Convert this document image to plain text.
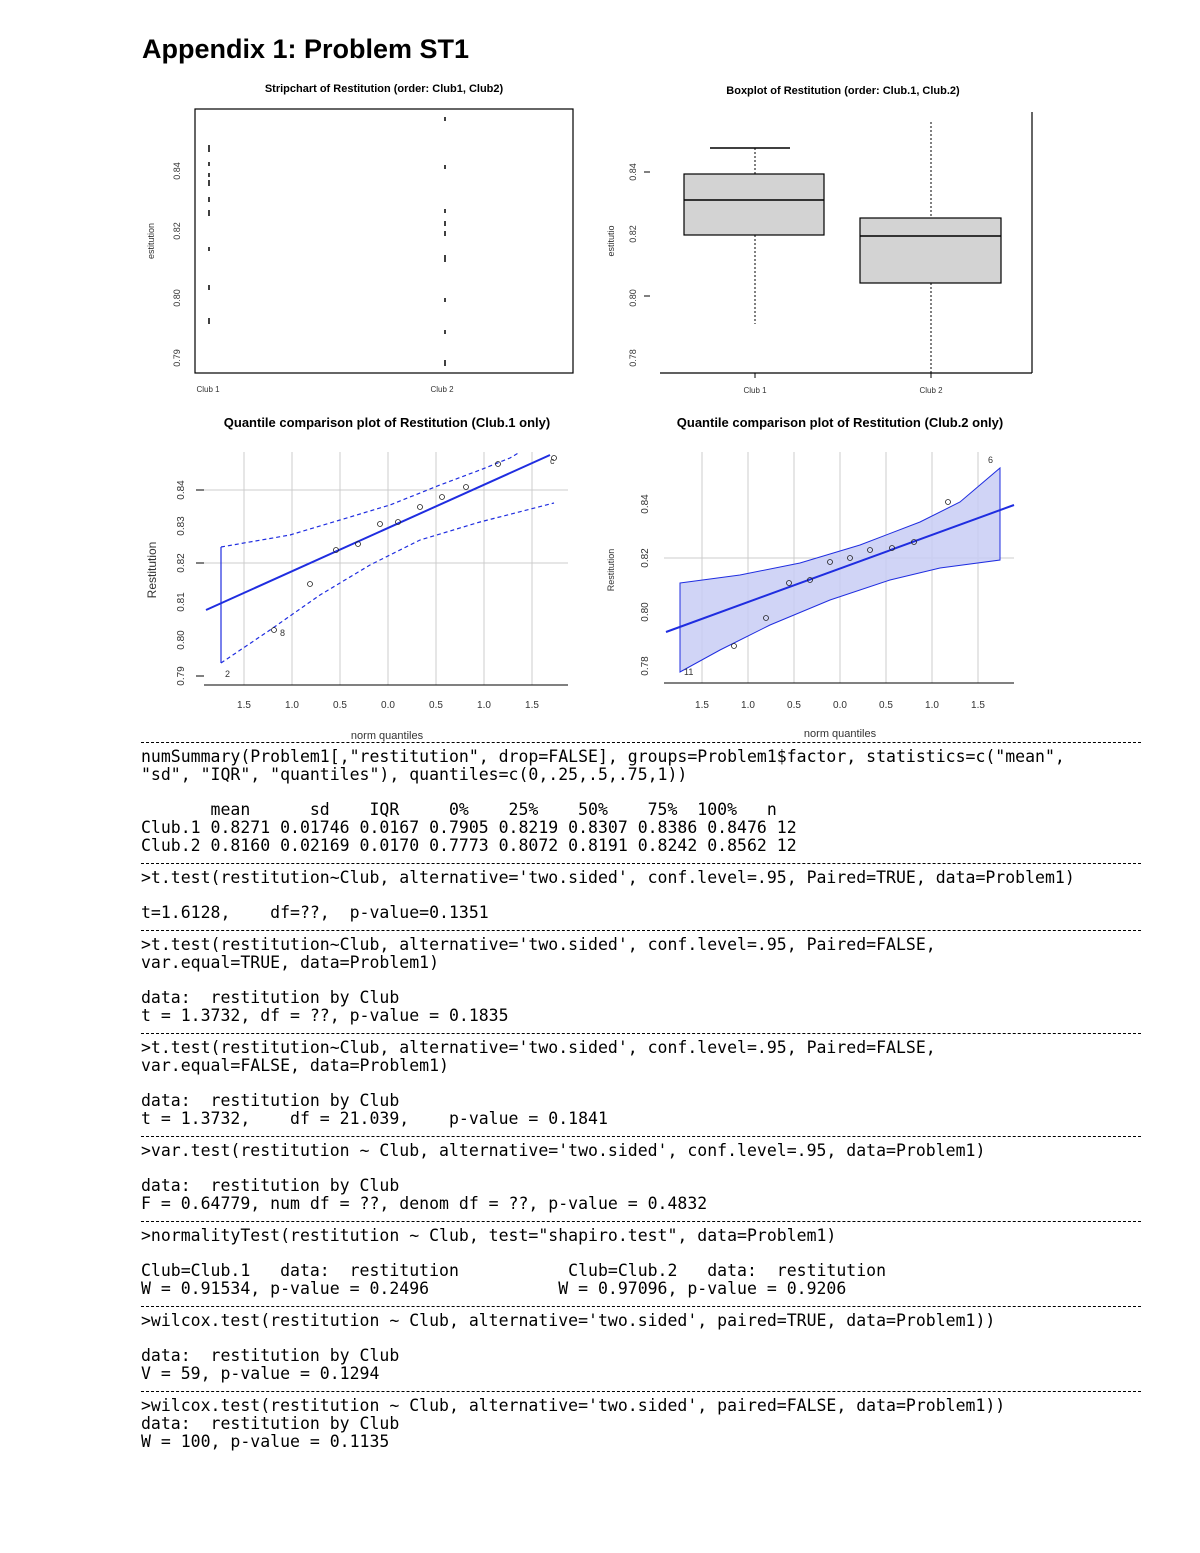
Appendix 1: Problem ST1
Stripchart of Restitution (order: Club1, Club2)
estitution
0.79
0.80
0.82
0.84
Club 1	Club 2
Boxplot of Restitution (order: Club.1, Club.2)
estitutio
0.78
0.80
0.82
0.84
Club 1	Club 2
Quantile comparison plot of Restitution (Club.1 only)
2
8
c
Restitution
0.79
0.80
0.81
0.82
0.83
0.84
1.5	1.0	0.5	0.0	0.5	1.0	1.5
norm quantiles
Quantile comparison plot of Restitution (Club.2 only)
11
6
Restitution
0.78
0.80
0.82
0.84
1.5	1.0	0.5	0.0	0.5	1.0	1.5
norm quantiles
numSummary(Problem1[,"restitution", drop=FALSE], groups=Problem1$factor, statistics=c("mean",
"sd", "IQR", "quantiles"), quantiles=c(0,.25,.5,.75,1))
mean      sd    IQR     0%    25%    50%    75%  100%   n
Club.1 0.8271 0.01746 0.0167 0.7905 0.8219 0.8307 0.8386 0.8476 12
Club.2 0.8160 0.02169 0.0170 0.7773 0.8072 0.8191 0.8242 0.8562 12
>t.test(restitution~Club, alternative='two.sided', conf.level=.95, Paired=TRUE, data=Problem1)
t=1.6128,    df=??,  p-value=0.1351
>t.test(restitution~Club, alternative='two.sided', conf.level=.95, Paired=FALSE,
var.equal=TRUE, data=Problem1)
data:  restitution by Club
t = 1.3732, df = ??, p-value = 0.1835
>t.test(restitution~Club, alternative='two.sided', conf.level=.95, Paired=FALSE,
var.equal=FALSE, data=Problem1)
data:  restitution by Club
t = 1.3732,    df = 21.039,    p-value = 0.1841
>var.test(restitution ~ Club, alternative='two.sided', conf.level=.95, data=Problem1)
data:  restitution by Club
F = 0.64779, num df = ??, denom df = ??, p-value = 0.4832
>normalityTest(restitution ~ Club, test="shapiro.test", data=Problem1)
Club=Club.1   data:  restitution           Club=Club.2   data:  restitution
W = 0.91534, p-value = 0.2496             W = 0.97096, p-value = 0.9206
>wilcox.test(restitution ~ Club, alternative='two.sided', paired=TRUE, data=Problem1))
data:  restitution by Club
V = 59, p-value = 0.1294
>wilcox.test(restitution ~ Club, alternative='two.sided', paired=FALSE, data=Problem1))
data:  restitution by Club
W = 100, p-value = 0.1135
